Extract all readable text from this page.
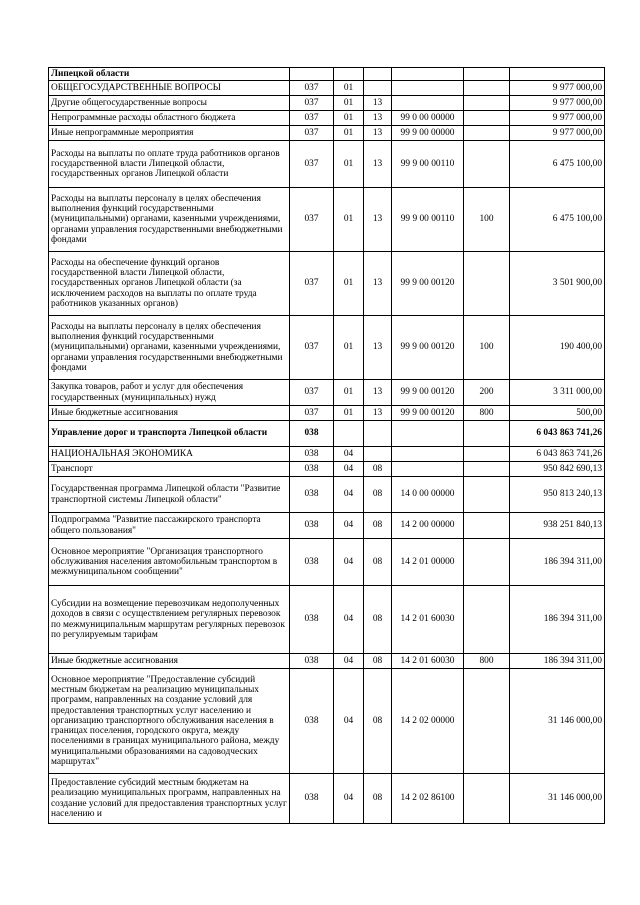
Липецкой области						
ОБЩЕГОСУДАРСТВЕННЫЕ ВОПРОСЫ	037	01				9 977 000,00
Другие общегосударственные вопросы	037	01	13			9 977 000,00
Непрограммные расходы областного бюджета	037	01	13	99 0 00 00000		9 977 000,00
Иные непрограммные мероприятия	037	01	13	99 9 00 00000		9 977 000,00
Расходы на выплаты по оплате труда работников органов государственной власти Липецкой области, государственных органов Липецкой области	037	01	13	99 9 00 00110		6 475 100,00
Расходы на выплаты персоналу в целях обеспечения выполнения функций государственными (муниципальными) органами, казенными учреждениями, органами управления государственными внебюджетными фондами	037	01	13	99 9 00 00110	100	6 475 100,00
Расходы на обеспечение функций органов государственной власти Липецкой области, государственных органов Липецкой области (за исключением расходов на выплаты по оплате труда работников указанных органов)	037	01	13	99 9 00 00120		3 501 900,00
Расходы на выплаты персоналу в целях обеспечения выполнения функций государственными (муниципальными) органами, казенными учреждениями, органами управления государственными внебюджетными фондами	037	01	13	99 9 00 00120	100	190 400,00
Закупка товаров, работ и услуг для обеспечения государственных (муниципальных) нужд	037	01	13	99 9 00 00120	200	3 311 000,00
Иные бюджетные ассигнования	037	01	13	99 9 00 00120	800	500,00
Управление дорог и транспорта Липецкой области	038					6 043 863 741,26
НАЦИОНАЛЬНАЯ ЭКОНОМИКА	038	04				6 043 863 741,26
Транспорт	038	04	08			950 842 690,13
Государственная программа Липецкой области "Развитие транспортной системы Липецкой области"	038	04	08	14 0 00 00000		950 813 240,13
Подпрограмма "Развитие пассажирского транспорта общего пользования"	038	04	08	14 2 00 00000		938 251 840,13
Основное мероприятие "Организация транспортного обслуживания населения автомобильным транспортом в межмуниципальном сообщении"	038	04	08	14 2 01 00000		186 394 311,00
Субсидии на возмещение перевозчикам недополученных доходов в связи с осуществлением регулярных перевозок по межмуниципальным маршрутам регулярных перевозок по регулируемым тарифам	038	04	08	14 2 01 60030		186 394 311,00
Иные бюджетные ассигнования	038	04	08	14 2 01 60030	800	186 394 311,00
Основное мероприятие "Предоставление субсидий местным бюджетам на реализацию муниципальных программ, направленных на создание условий для предоставления транспортных услуг населению и организацию транспортного обслуживания населения в границах поселения, городского округа, между поселениями в границах муниципального района, между муниципальными образованиями на садоводческих маршрутах"	038	04	08	14 2 02 00000		31 146 000,00
Предоставление субсидий местным бюджетам на реализацию муниципальных программ, направленных на создание условий для предоставления транспортных услуг населению и	038	04	08	14 2 02 86100		31 146 000,00
